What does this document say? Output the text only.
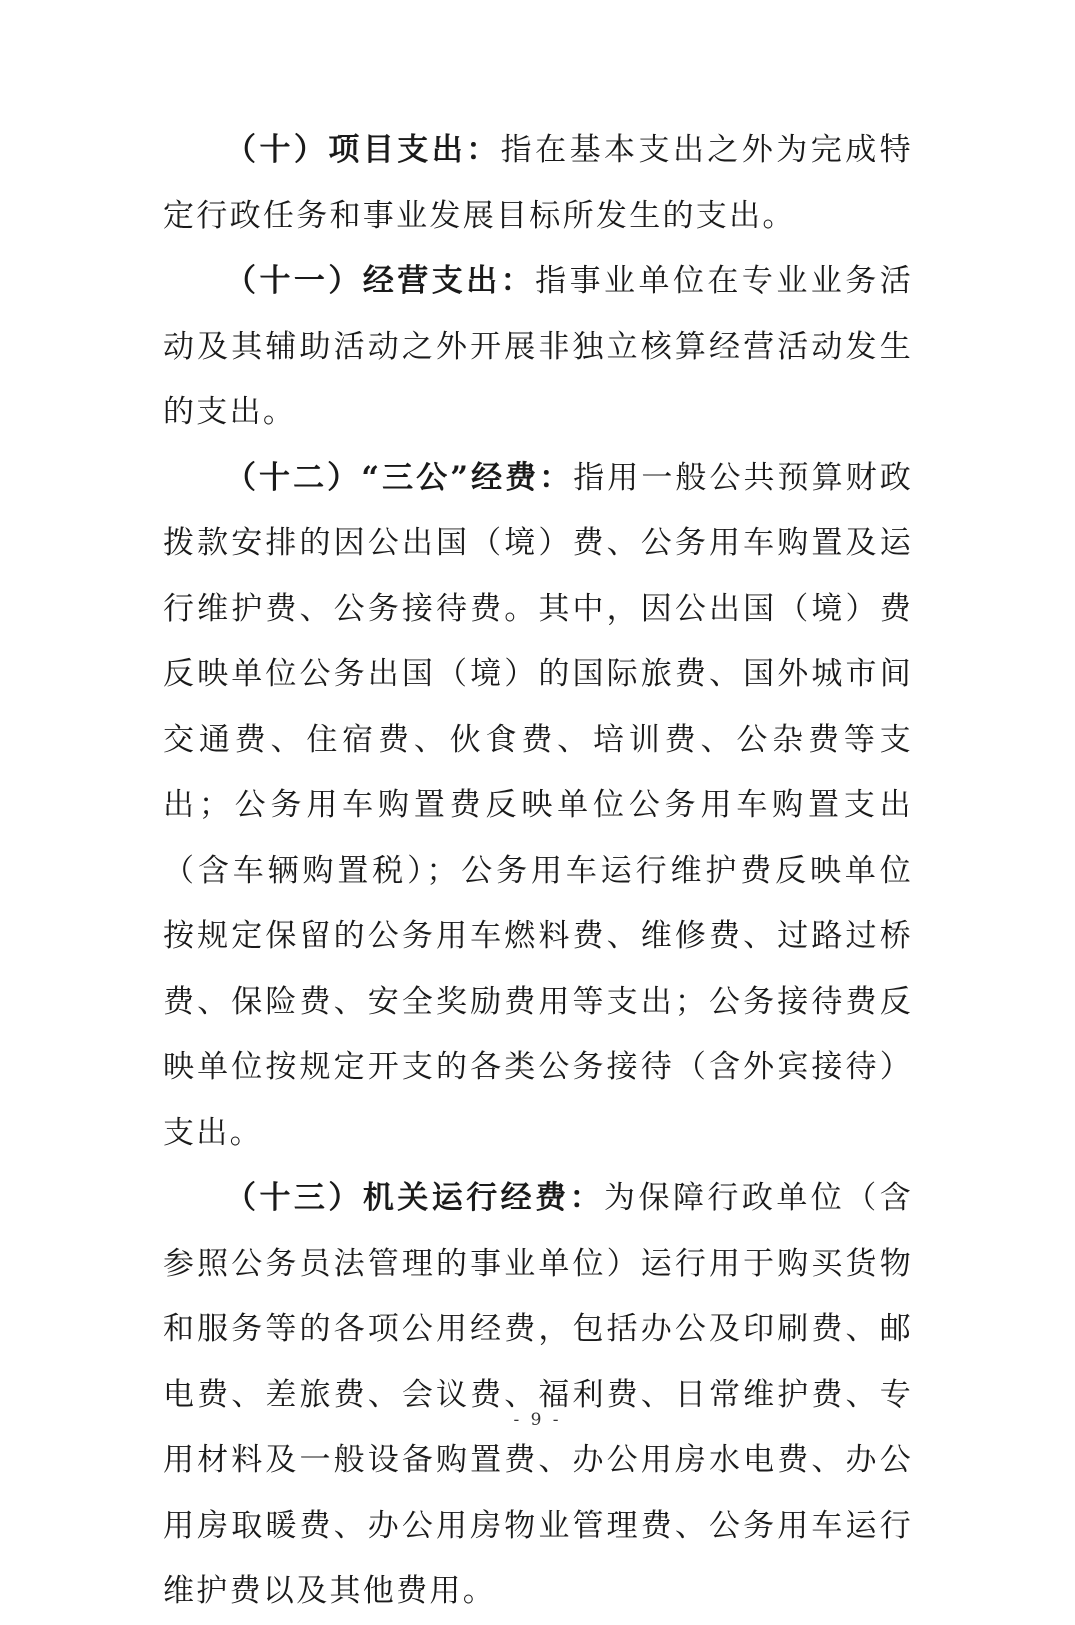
（十）项目支出：指在基本支出之外为完成特定行政任务和事业发展目标所发生的支出。

（十一）经营支出：指事业单位在专业业务活动及其辅助活动之外开展非独立核算经营活动发生的支出。

（十二）“三公”经费：指用一般公共预算财政拨款安排的因公出国（境）费、公务用车购置及运行维护费、公务接待费。其中，因公出国（境）费反映单位公务出国（境）的国际旅费、国外城市间交通费、住宿费、伙食费、培训费、公杂费等支出；公务用车购置费反映单位公务用车购置支出（含车辆购置税）；公务用车运行维护费反映单位按规定保留的公务用车燃料费、维修费、过路过桥费、保险费、安全奖励费用等支出；公务接待费反映单位按规定开支的各类公务接待（含外宾接待）支出。

（十三）机关运行经费：为保障行政单位（含参照公务员法管理的事业单位）运行用于购买货物和服务等的各项公用经费，包括办公及印刷费、邮电费、差旅费、会议费、福利费、日常维护费、专用材料及一般设备购置费、办公用房水电费、办公用房取暖费、办公用房物业管理费、公务用车运行维护费以及其他费用。

- 9 -
